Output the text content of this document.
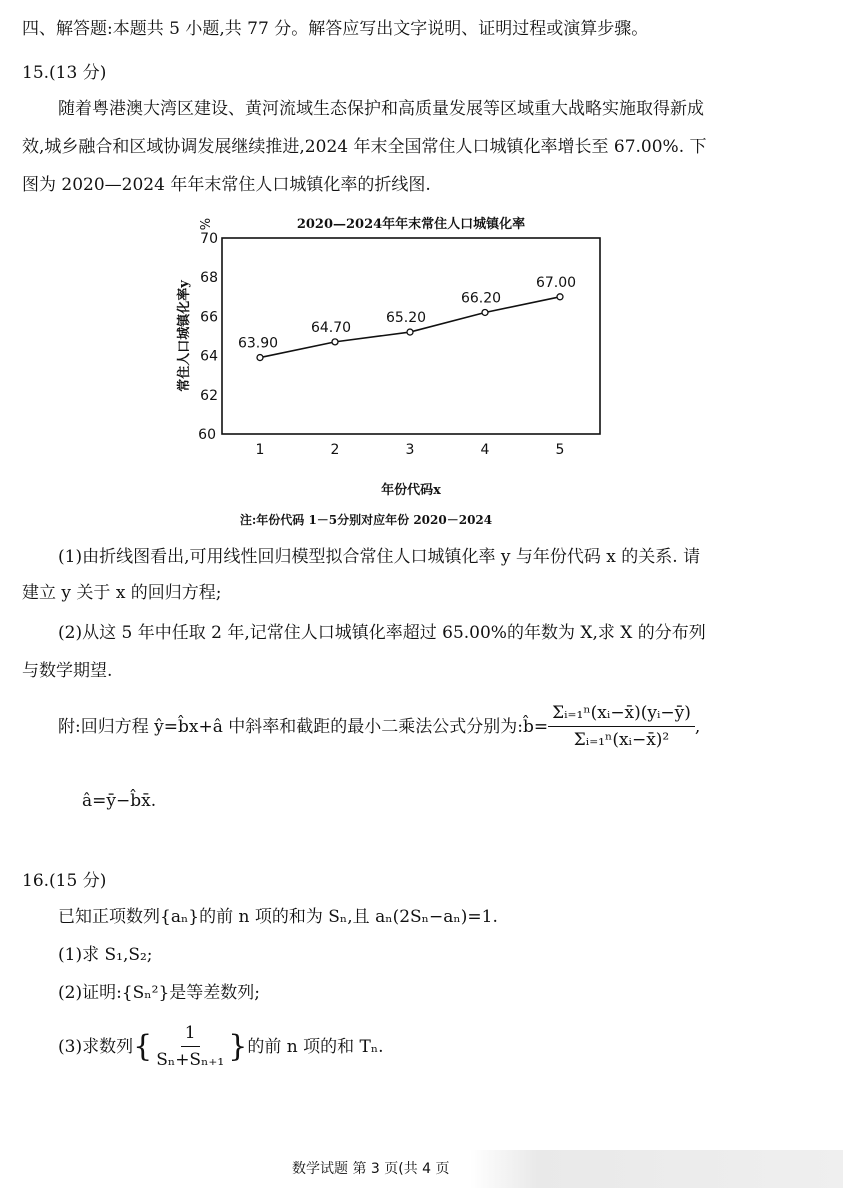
四、解答题:本题共 5 小题,共 77 分。解答应写出文字说明、证明过程或演算步骤。
15.(13 分)
随着粤港澳大湾区建设、黄河流域生态保护和高质量发展等区域重大战略实施取得新成
效,城乡融合和区域协调发展继续推进,2024 年末全国常住人口城镇化率增长至 67.00%. 下
图为 2020—2024 年年末常住人口城镇化率的折线图.
2020—2024年年末常住人口城镇化率
60
62
64
66
68
70
%
常住人口城镇化率y
1	2	3	4	5
年份代码x
注:年份代码 1－5分别对应年份 2020－2024
63.90
64.70
65.20
66.20
67.00
(1)由折线图看出,可用线性回归模型拟合常住人口城镇化率 y 与年份代码 x 的关系. 请
建立 y 关于 x 的回归方程;
(2)从这 5 年中任取 2 年,记常住人口城镇化率超过 65.00%的年数为 X,求 X 的分布列
与数学期望.
附:回归方程 ŷ=b̂x+â 中斜率和截距的最小二乘法公式分别为:b̂= $\frac{\text{Σᵢ₌₁ⁿ(xᵢ−x̄)(yᵢ−ȳ)}}{\text{Σᵢ₌₁ⁿ(xᵢ−x̄)²}}$ ,
â=ȳ−b̂x̄.
16.(15 分)
已知正项数列{aₙ}的前 n 项的和为 Sₙ,且 aₙ(2Sₙ−aₙ)=1.
(1)求 S₁,S₂;
(2)证明:{Sₙ²}是等差数列;
(3)求数列 { $\frac{1}{\text{Sₙ+Sₙ₊₁}}$ } 的前 n 项的和 Tₙ.
数学试题 第 3 页(共 4 页
